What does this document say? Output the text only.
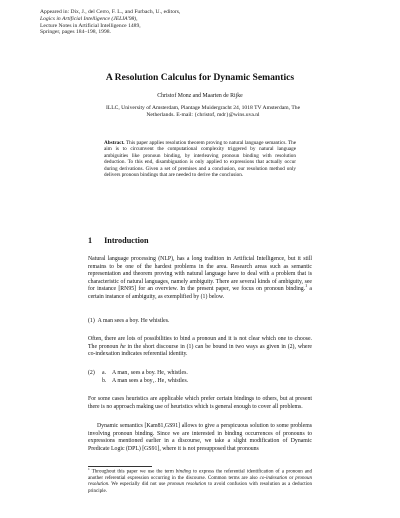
Appeared in: Dix, J., del Cerro, F. L., and Furbach, U., editors,
Logics in Artificial Intelligence (JELIA'98),
Lecture Notes in Artificial Intelligence 1489,
Springer, pages 184–198, 1998.
A Resolution Calculus for Dynamic Semantics
Christof Monz and Maarten de Rijke
ILLC, University of Amsterdam, Plantage Muidergracht 24, 1018 TV Amsterdam, The
Netherlands. E-mail: {christof, mdr}@wins.uva.nl
Abstract. This paper applies resolution theorem proving to natural language semantics. The aim is to circumvent the computational complexity triggered by natural language ambiguities like pronoun binding, by interleaving pronoun binding with resolution deduction. To this end, disambiguation is only applied to expressions that actually occur during derivations. Given a set of premises and a conclusion, our resolution method only delivers pronoun bindings that are needed to derive the conclusion.
1 Introduction
Natural language processing (NLP), has a long tradition in Artificial Intelligence, but it still remains to be one of the hardest problems in the area. Research areas such as semantic representation and theorem proving with natural language have to deal with a problem that is characteristic of natural languages, namely ambiguity. There are several kinds of ambiguity, see for instance [RN95] for an overview. In the present paper, we focus on pronoun binding.$^1$ a certain instance of ambiguity, as exemplified by (1) below.
(1) A man sees a boy. He whistles.
Often, there are lots of possibilities to bind a pronoun and it is not clear which one to choose. The pronoun he in the short discourse in (1) can be bound in two ways as given in (2), where co-indexation indicates referential identity.
(2) a. A man₁ sees a boy. He₁ whistles.
b. A man sees a boy₁. He₁ whistles.
For some cases heuristics are applicable which prefer certain bindings to others, but at present there is no approach making use of heuristics which is general enough to cover all problems.
Dynamic semantics [Kam81,GS91] allows to give a perspicuous solution to some problems involving pronoun binding. Since we are interested in binding occurrences of pronouns to expressions mentioned earlier in a discourse, we take a slight modification of Dynamic Predicate Logic (DPL) [GS91], where it is not presupposed that pronouns
$^1$ Throughout this paper we use the term binding to express the referential identification of a pronoun and another referential expression occurring in the discourse. Common terms are also co-indexation or pronoun resolution. We especially did not use pronoun resolution to avoid confusion with resolution as a deduction principle.
